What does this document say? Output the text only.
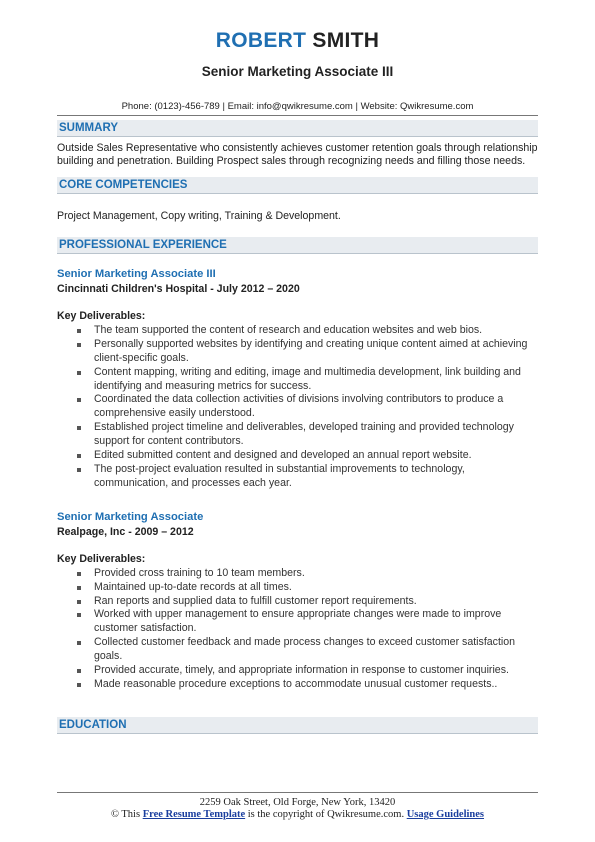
ROBERT SMITH
Senior Marketing Associate III
Phone: (0123)-456-789 | Email: info@qwikresume.com | Website: Qwikresume.com
SUMMARY
Outside Sales Representative who consistently achieves customer retention goals through relationship building and penetration. Building Prospect sales through recognizing needs and filling those needs.
CORE COMPETENCIES
Project Management, Copy writing, Training & Development.
PROFESSIONAL EXPERIENCE
Senior Marketing Associate III
Cincinnati Children's Hospital - July 2012 – 2020
Key Deliverables:
The team supported the content of research and education websites and web bios.
Personally supported websites by identifying and creating unique content aimed at achieving client-specific goals.
Content mapping, writing and editing, image and multimedia development, link building and identifying and measuring metrics for success.
Coordinated the data collection activities of divisions involving contributors to produce a comprehensive easily understood.
Established project timeline and deliverables, developed training and provided technology support for content contributors.
Edited submitted content and designed and developed an annual report website.
The post-project evaluation resulted in substantial improvements to technology, communication, and processes each year.
Senior Marketing Associate
Realpage, Inc - 2009 – 2012
Key Deliverables:
Provided cross training to 10 team members.
Maintained up-to-date records at all times.
Ran reports and supplied data to fulfill customer report requirements.
Worked with upper management to ensure appropriate changes were made to improve customer satisfaction.
Collected customer feedback and made process changes to exceed customer satisfaction goals.
Provided accurate, timely, and appropriate information in response to customer inquiries.
Made reasonable procedure exceptions to accommodate unusual customer requests..
EDUCATION
2259 Oak Street, Old Forge, New York, 13420
© This Free Resume Template is the copyright of Qwikresume.com. Usage Guidelines
